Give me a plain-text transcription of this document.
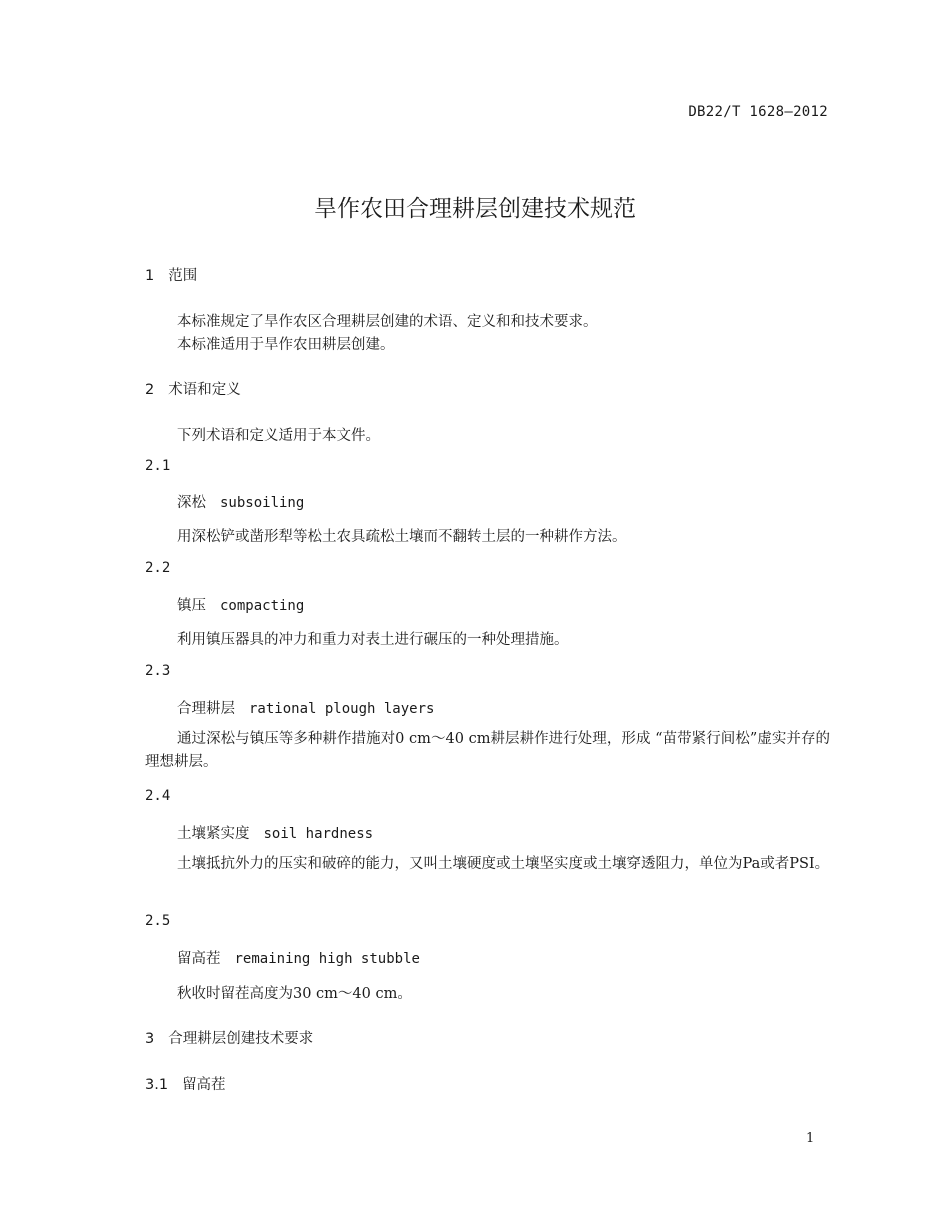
DB22/T 1628—2012
旱作农田合理耕层创建技术规范
1 范围
本标准规定了旱作农区合理耕层创建的术语、定义和和技术要求。
本标准适用于旱作农田耕层创建。
2 术语和定义
下列术语和定义适用于本文件。
2.1
深松 subsoiling
用深松铲或凿形犁等松土农具疏松土壤而不翻转土层的一种耕作方法。
2.2
镇压 compacting
利用镇压器具的冲力和重力对表土进行碾压的一种处理措施。
2.3
合理耕层 rational plough layers
通过深松与镇压等多种耕作措施对0 cm～40 cm耕层耕作进行处理，形成 “苗带紧行间松”虚实并存的理想耕层。
2.4
土壤紧实度 soil hardness
土壤抵抗外力的压实和破碎的能力，又叫土壤硬度或土壤坚实度或土壤穿透阻力，单位为Pa或者PSI。
2.5
留高茬 remaining high stubble
秋收时留茬高度为30 cm～40 cm。
3 合理耕层创建技术要求
3.1 留高茬
1
